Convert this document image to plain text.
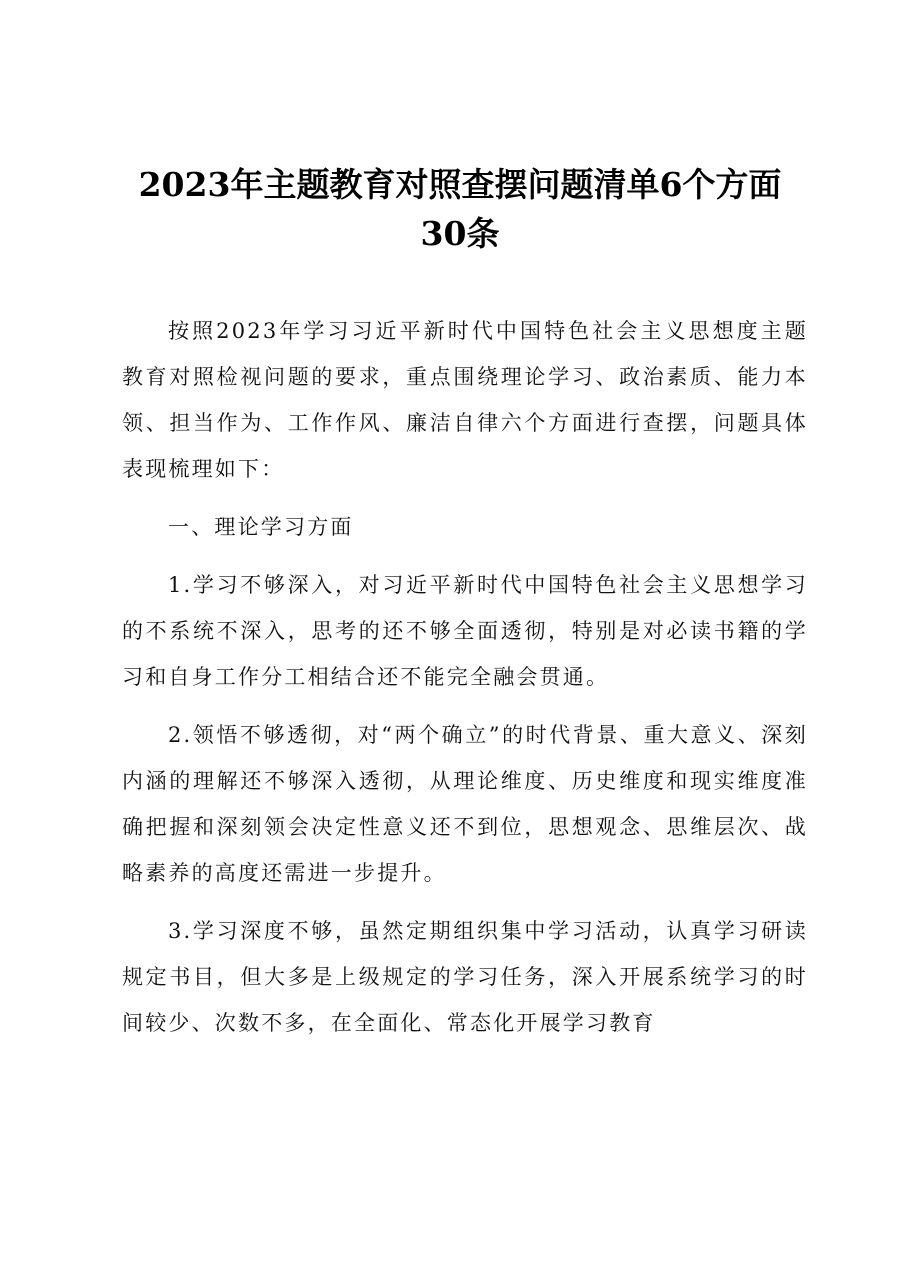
2023年主题教育对照查摆问题清单6个方面
30条

按照2023年学习习近平新时代中国特色社会主义思想度主题教育对照检视问题的要求，重点围绕理论学习、政治素质、能力本领、担当作为、工作作风、廉洁自律六个方面进行查摆，问题具体表现梳理如下：

一、理论学习方面

1.学习不够深入，对习近平新时代中国特色社会主义思想学习的不系统不深入，思考的还不够全面透彻，特别是对必读书籍的学习和自身工作分工相结合还不能完全融会贯通。

2.领悟不够透彻，对“两个确立”的时代背景、重大意义、深刻内涵的理解还不够深入透彻，从理论维度、历史维度和现实维度准确把握和深刻领会决定性意义还不到位，思想观念、思维层次、战略素养的高度还需进一步提升。

3.学习深度不够，虽然定期组织集中学习活动，认真学习研读规定书目，但大多是上级规定的学习任务，深入开展系统学习的时间较少、次数不多，在全面化、常态化开展学习教育
